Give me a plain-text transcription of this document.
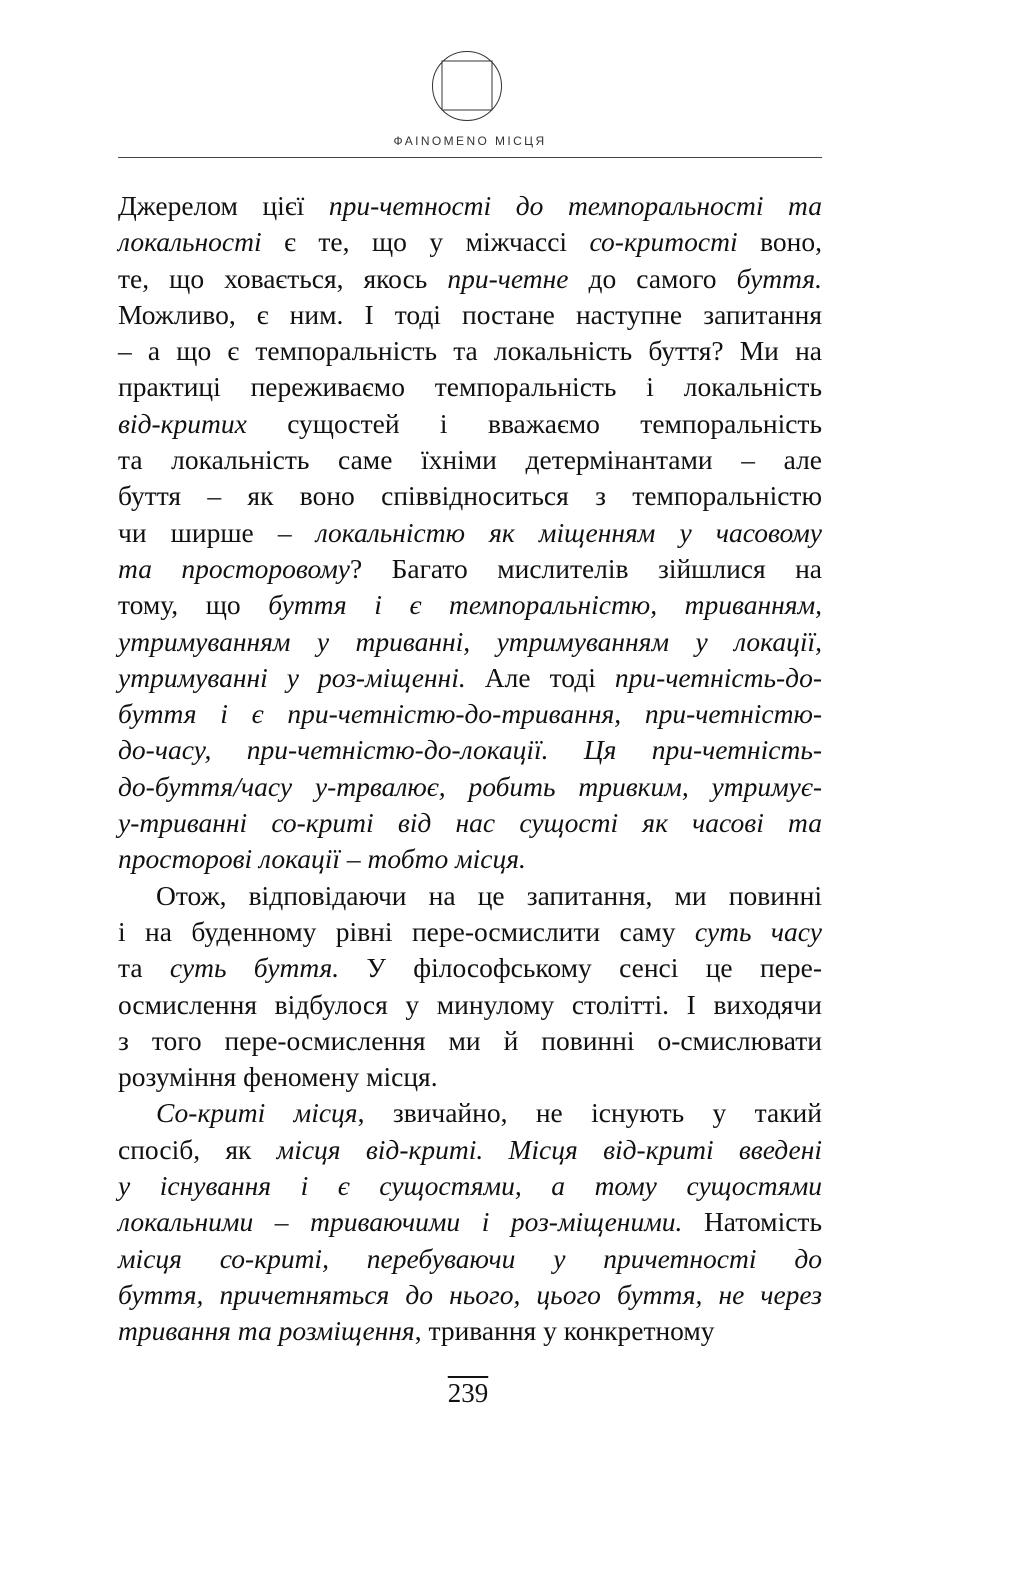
ФАINOMENO МІСЦЯ
Джерелом цієї при-четності до темпоральності та
локальності є те, що у міжчассі со-критості воно,
те, що ховається, якось при-четне до самого буття.
Можливо, є ним. І тоді постане наступне запитання
– а що є темпоральність та локальність буття? Ми на
практиці переживаємо темпоральність і локальність
від-критих сущостей і вважаємо темпоральність
та локальність саме їхніми детермінантами – але
буття – як воно співвідноситься з темпоральністю
чи ширше – локальністю як міщенням у часовому
та просторовому? Багато мислителів зійшлися на
тому, що буття і є темпоральністю, триванням,
утримуванням у триванні, утримуванням у локації,
утримуванні у роз-міщенні. Але тоді при-четність-до-
буття і є при-четністю-до-тривання, при-четністю-
до-часу, при-четністю-до-локації. Ця при-четність-
до-буття/часу у-трвалює, робить тривким, утримує-
у-триванні со-криті від нас сущості як часові та
просторові локації – тобто місця.
Отож, відповідаючи на це запитання, ми повинні
і на буденному рівні пере-осмислити саму суть часу
та суть буття. У філософському сенсі це пере-
осмислення відбулося у минулому столітті. І виходячи
з того пере-осмислення ми й повинні о-смислювати
розуміння феномену місця.
Со-криті місця, звичайно, не існують у такий
спосіб, як місця від-криті. Місця від-криті введені
у існування і є сущостями, а тому сущостями
локальними – триваючими і роз-міщеними. Натомість
місця со-криті, перебуваючи у причетності до
буття, причетняться до нього, цього буття, не через
тривання та розміщення, тривання у конкретному
239
